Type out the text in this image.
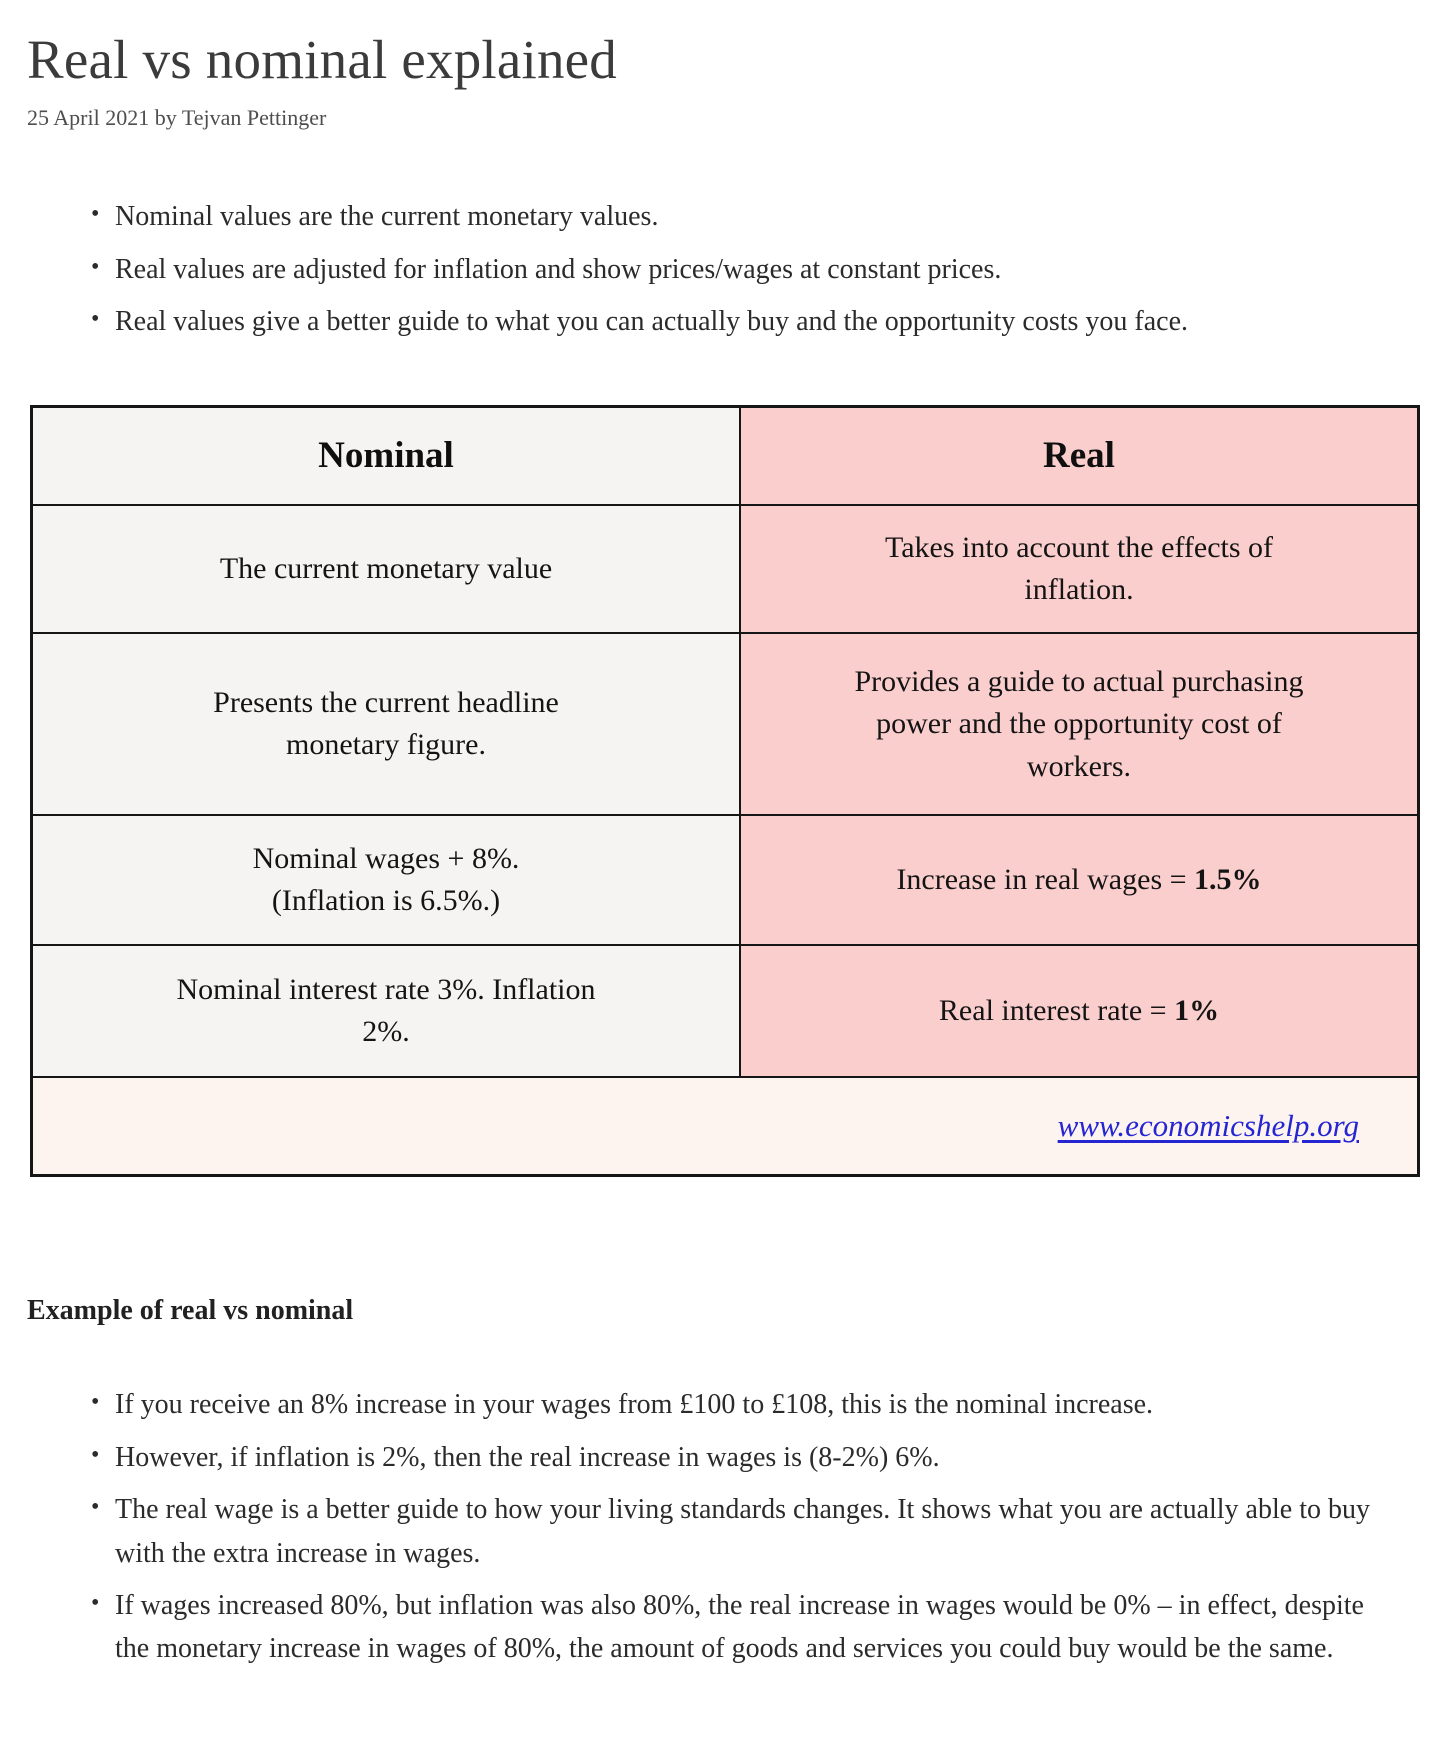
Real vs nominal explained

25 April 2021 by Tejvan Pettinger

• Nominal values are the current monetary values.
• Real values are adjusted for inflation and show prices/wages at constant prices.
• Real values give a better guide to what you can actually buy and the opportunity costs you face.
Nominal	Real
The current monetary value
Takes into account the effects of
inflation.
Presents the current headline
monetary figure.
Provides a guide to actual purchasing
power and the opportunity cost of
workers.
Nominal wages + 8%.
(Inflation is 6.5%.)
Increase in real wages = 1.5%
Nominal interest rate 3%. Inflation
2%.
Real interest rate = 1%
www.economicshelp.org
Example of real vs nominal
• If you receive an 8% increase in your wages from £100 to £108, this is the nominal increase.
• However, if inflation is 2%, then the real increase in wages is (8-2%) 6%.
• The real wage is a better guide to how your living standards changes. It shows what you are actually able to buy with the extra increase in wages.
• If wages increased 80%, but inflation was also 80%, the real increase in wages would be 0% – in effect, despite the monetary increase in wages of 80%, the amount of goods and services you could buy would be the same.
